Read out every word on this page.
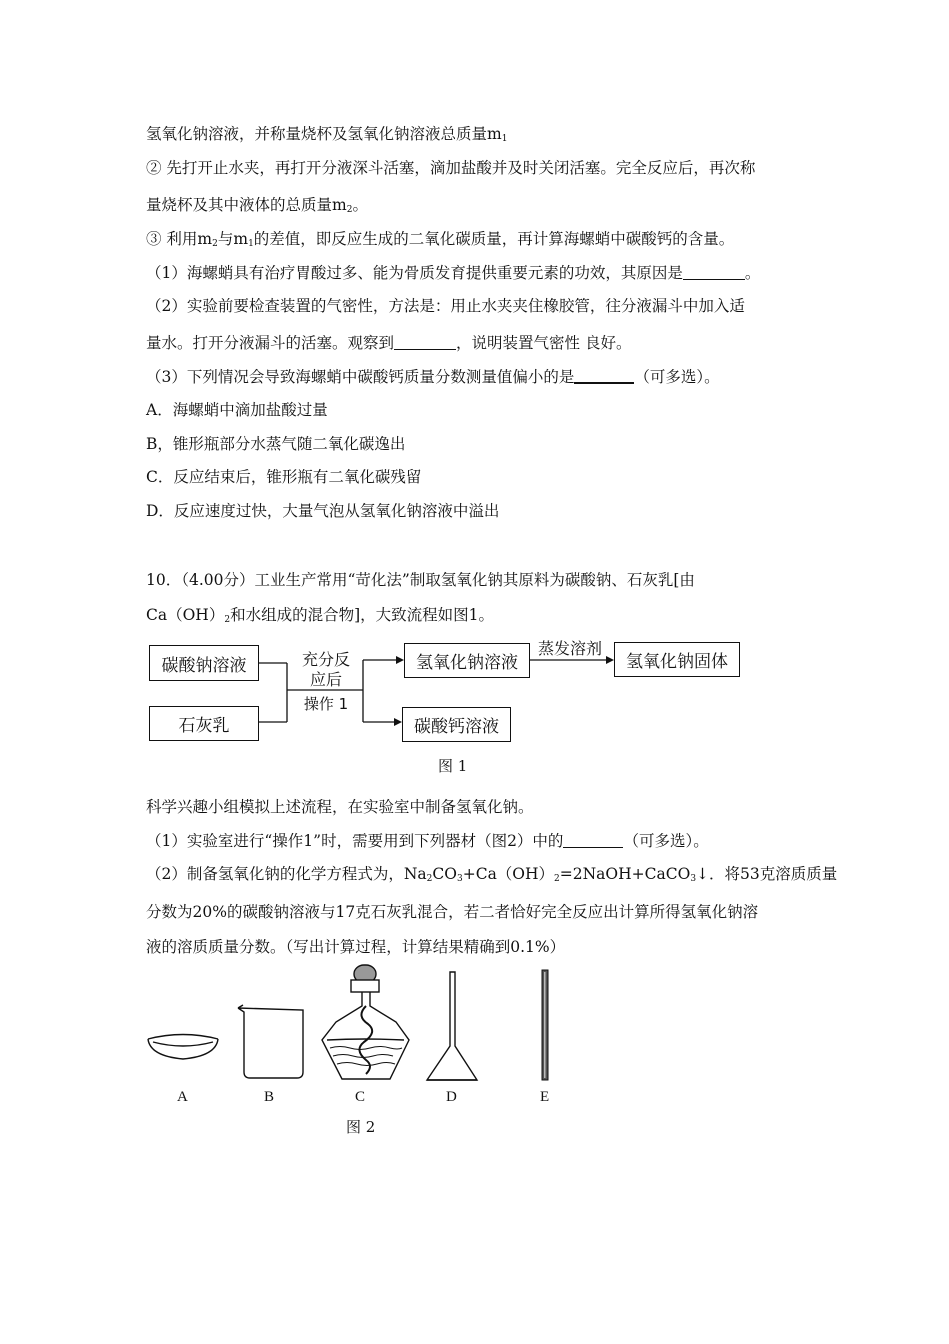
氢氧化钠溶液，并称量烧杯及氢氧化钠溶液总质量$m_1$
② 先打开止水夹，再打开分液深斗活塞，滴加盐酸并及时关闭活塞。完全反应后，再次称
量烧杯及其中液体的总质量$m_2$。
③ 利用$m_2$与$m_1$的差值，即反应生成的二氧化碳质量，再计算海螺蛸中碳酸钙的含量。
（1）海螺蛸具有治疗胃酸过多、能为骨质发育提供重要元素的功效，其原因是	。
（2）实验前要检查装置的气密性，方法是：用止水夹夹住橡胶管，往分液漏斗中加入适
量水。打开分液漏斗的活塞。观察到	，说明装置气密性 良好。
（3）下列情况会导致海螺蛸中碳酸钙质量分数测量值偏小的是	（可多选）。
A．海螺蛸中滴加盐酸过量
B，锥形瓶部分水蒸气随二氧化碳逸出
C．反应结束后，锥形瓶有二氧化碳残留
D．反应速度过快，大量气泡从氢氧化钠溶液中溢出
10．（4.00分）工业生产常用“苛化法”制取氢氧化钠其原料为碳酸钠、石灰乳[由
$Ca(OH)_2$和水组成的混合物]，大致流程如图1。
碳酸钠溶液
石灰乳
氢氧化钠溶液
碳酸钙溶液
氢氧化钠固体
充分反
应后
操作 1
蒸发溶剂
图 1
科学兴趣小组模拟上述流程，在实验室中制备氢氧化钠。
（1）实验室进行“操作1”时，需要用到下列器材（图2）中的	（可多选）。
（2）制备氢氧化钠的化学方程式为，$Na_2CO_3+Ca(OH)_2=2NaOH+CaCO_3↓$．将53克溶质质量
分数为20%的碳酸钠溶液与17克石灰乳混合，若二者恰好完全反应出计算所得氢氧化钠溶
液的溶质质量分数。（写出计算过程，计算结果精确到0.1%）
A	B	C	D	E
图 2
